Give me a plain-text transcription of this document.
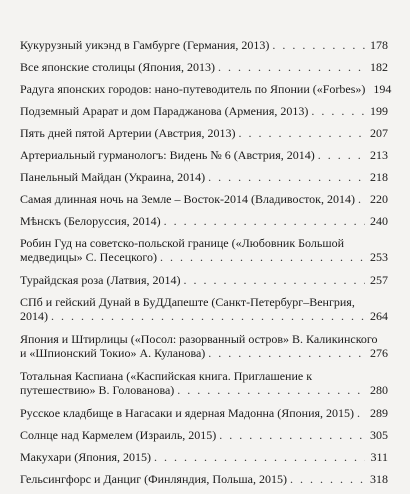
Кукурузный уикэнд в Гамбурге (Германия, 2013) . . .	178
Все японские столицы (Япония, 2013) . . .	182
Радуга японских городов: нано-путеводитель по Японии («Forbes») 194
Подземный Арарат и дом Параджанова (Армения, 2013) . . .	199
Пять дней пятой Артерии (Австрия, 2013) . . .	207
Артериальный гурманологъ: Видень № 6 (Австрия, 2014) . . .	213
Панельный Майдан (Украина, 2014) . . .	218
Самая длинная ночь на Земле – Восток-2014 (Владивосток, 2014) . . . 220
Мѣнскъ (Белоруссия, 2014) . . .	240
Робин Гуд на советско-польской границе («Любовник Большой
медведицы» С. Песецкого) . . .	253
Турайдская роза (Латвия, 2014) . . .	257
СПб и гейский Дунай в БуДДапеште (Санкт-Петербург–Венгрия,
2014) . . .	264
Япония и Штирлицы («Посол: разорванный остров» В. Каликинского
и «Шпионский Токио» А. Куланова) . . .	276
Тотальная Каспиана («Каспийская книга. Приглашение к
путешествию» В. Голованова) . . .	280
Русское кладбище в Нагасаки и ядерная Мадонна (Япония, 2015) . . . 289
Солнце над Кармелем (Израиль, 2015) . . .	305
Макухари (Япония, 2015) . . .	311
Гельсингфорс и Данциг (Финляндия, Польша, 2015) . . .	318
